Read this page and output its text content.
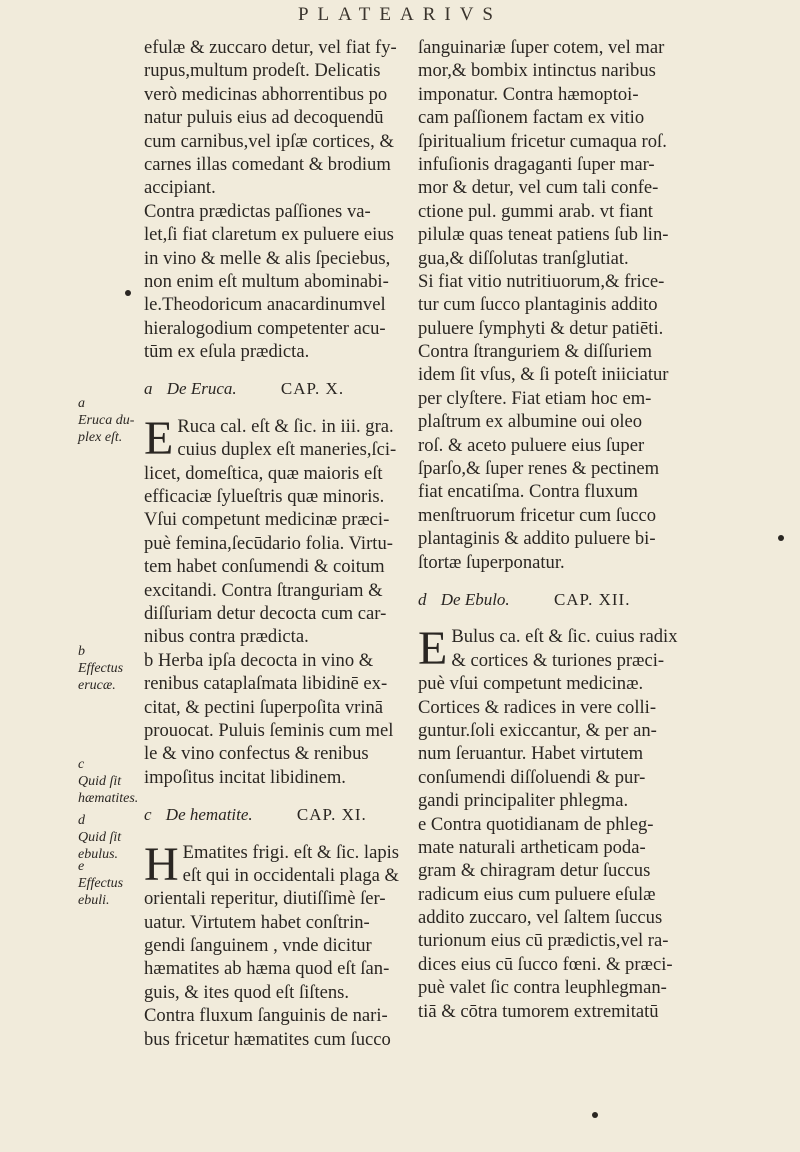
PLATEARIVS
efulæ & zuccaro detur, vel fiat fy-
rupus,multum prodeſt. Delicatis
verò medicinas abhorrentibus po
natur puluis eius ad decoquendū
cum carnibus,vel ipſæ cortices, &
carnes illas comedant & brodium
accipiant.
Contra prædictas paſſiones va-
let,ſi fiat claretum ex puluere eius
in vino & melle & alis ſpeciebus,
non enim eſt multum abominabi-
le.Theodoricum anacardinumvel
hieralogodium competenter acu-
tūm ex eſula prædicta.
a De Eruca.	CAP. X.
E Ruca cal. eſt & ſic. in iii. gra.
cuius duplex eſt maneries,ſci-
licet, domeſtica, quæ maioris eſt
efficaciæ ſylueſtris quæ minoris.
Vſui competunt medicinæ præci-
puè femina,ſecūdario folia. Virtu-
tem habet conſumendi & coitum
excitandi. Contra ſtranguriam &
diſſuriam detur decocta cum car-
nibus contra prædicta.
b Herba ipſa decocta in vino &
renibus cataplaſmata libidinē ex-
citat, & pectini ſuperpoſita vrinā
prouocat. Puluis ſeminis cum mel
le & vino confectus & renibus
impoſitus incitat libidinem.
c De hematite.	CAP. XI.
H Ematites frigi. eſt & ſic. lapis
eſt qui in occidentali plaga &
orientali reperitur, diutiſſimè ſer-
uatur. Virtutem habet conſtrin-
gendi ſanguinem , vnde dicitur
hæmatites ab hæma quod eſt ſan-
guis, & ites quod eſt ſiſtens.
Contra fluxum ſanguinis de nari-
bus fricetur hæmatites cum ſucco
ſanguinariæ ſuper cotem, vel mar
mor,& bombix intinctus naribus
imponatur. Contra hæmoptoi-
cam paſſionem factam ex vitio
ſpiritualium fricetur cumaqua roſ.
infuſionis dragaganti ſuper mar-
mor & detur, vel cum tali confe-
ctione pul. gummi arab. vt fiant
pilulæ quas teneat patiens ſub lin-
gua,& diſſolutas tranſglutiat.
Si fiat vitio nutritiuorum,& frice-
tur cum ſucco plantaginis addito
puluere ſymphyti & detur patiēti.
Contra ſtranguriem & diſſuriem
idem ſit vſus, & ſi poteſt iniiciatur
per clyſtere. Fiat etiam hoc em-
plaſtrum ex albumine oui oleo
roſ. & aceto puluere eius ſuper
ſparſo,& ſuper renes & pectinem
fiat encatiſma. Contra fluxum
menſtruorum fricetur cum ſucco
plantaginis & addito puluere bi-
ſtortæ ſuperponatur.
d De Ebulo.	CAP. XII.
E Bulus ca. eſt & ſic. cuius radix
& cortices & turiones præci-
puè vſui competunt medicinæ.
Cortices & radices in vere colli-
guntur.ſoli exiccantur, & per an-
num ſeruantur. Habet virtutem
conſumendi diſſoluendi & pur-
gandi principaliter phlegma.
e Contra quotidianam de phleg-
mate naturali artheticam poda-
gram & chiragram detur ſuccus
radicum eius cum puluere eſulæ
addito zuccaro, vel ſaltem ſuccus
turionum eius cū prædictis,vel ra-
dices eius cū ſucco fœni. & præci-
puè valet ſic contra leuphlegman-
tiā & cōtra tumorem extremitatū
a
Eruca du-plex eſt.
b
Effectus erucæ.
c
Quid ſit hæmatites.
d
Quid ſit ebulus.
e
Effectus ebuli.
